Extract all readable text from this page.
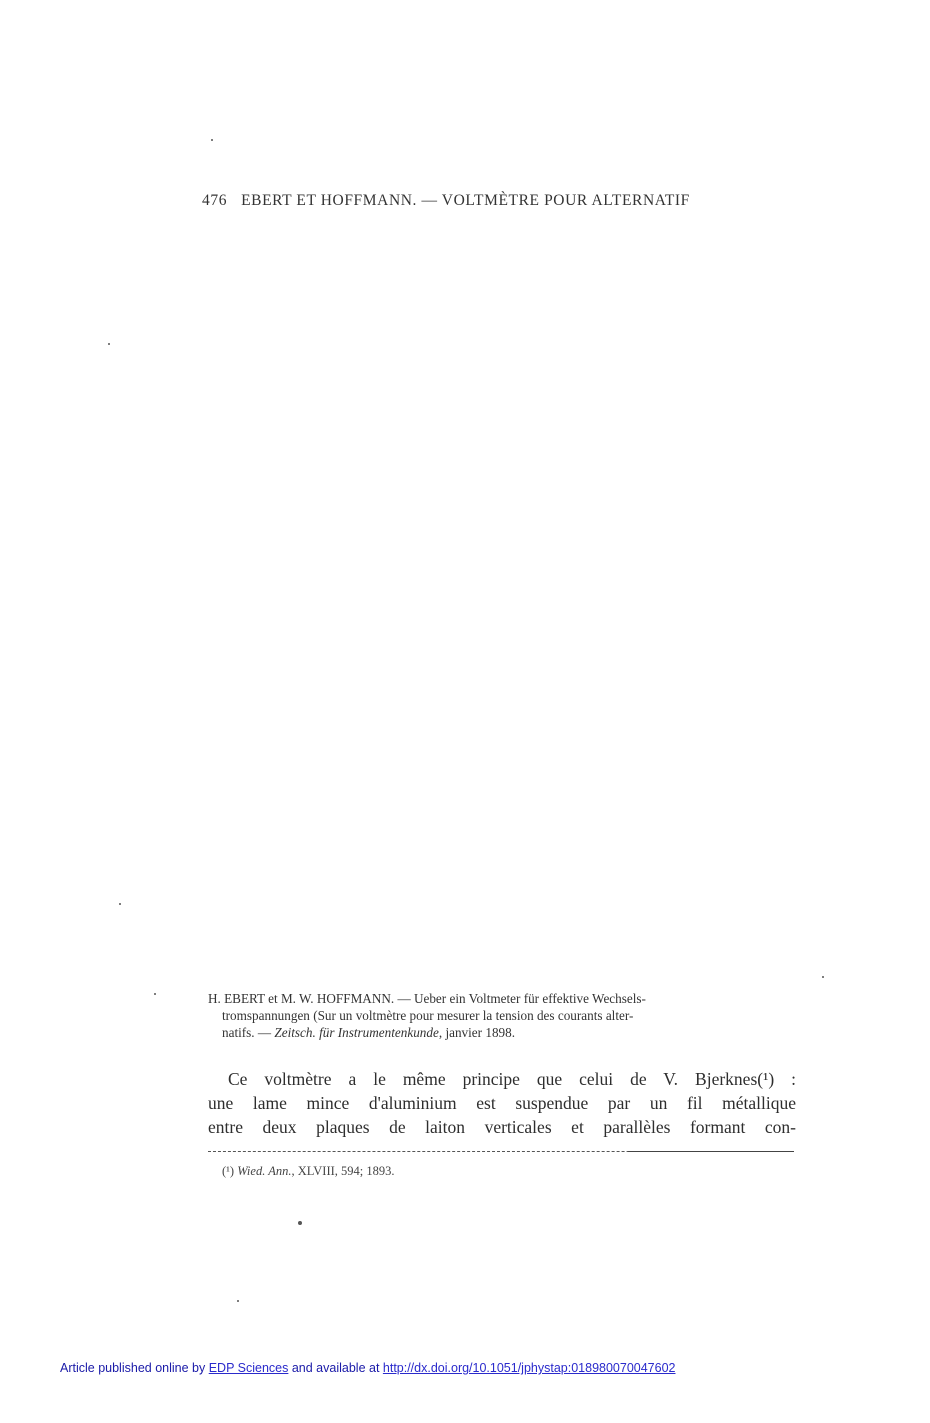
476 EBERT ET HOFFMANN. — VOLTMÈTRE POUR ALTERNATIF
H. EBERT et M. W. HOFFMANN. — Ueber ein Voltmeter für effektive Wechsels-
tromspannungen (Sur un voltmètre pour mesurer la tension des courants alter-
natifs. — Zeitsch. für Instrumentenkunde, janvier 1898.
Ce voltmètre a le même principe que celui de V. Bjerknes(¹) :
une lame mince d'aluminium est suspendue par un fil métallique
entre deux plaques de laiton verticales et parallèles formant con-
(¹) Wied. Ann., XLVIII, 594; 1893.
Article published online by EDP Sciences and available at http://dx.doi.org/10.1051/jphystap:018980070047602
